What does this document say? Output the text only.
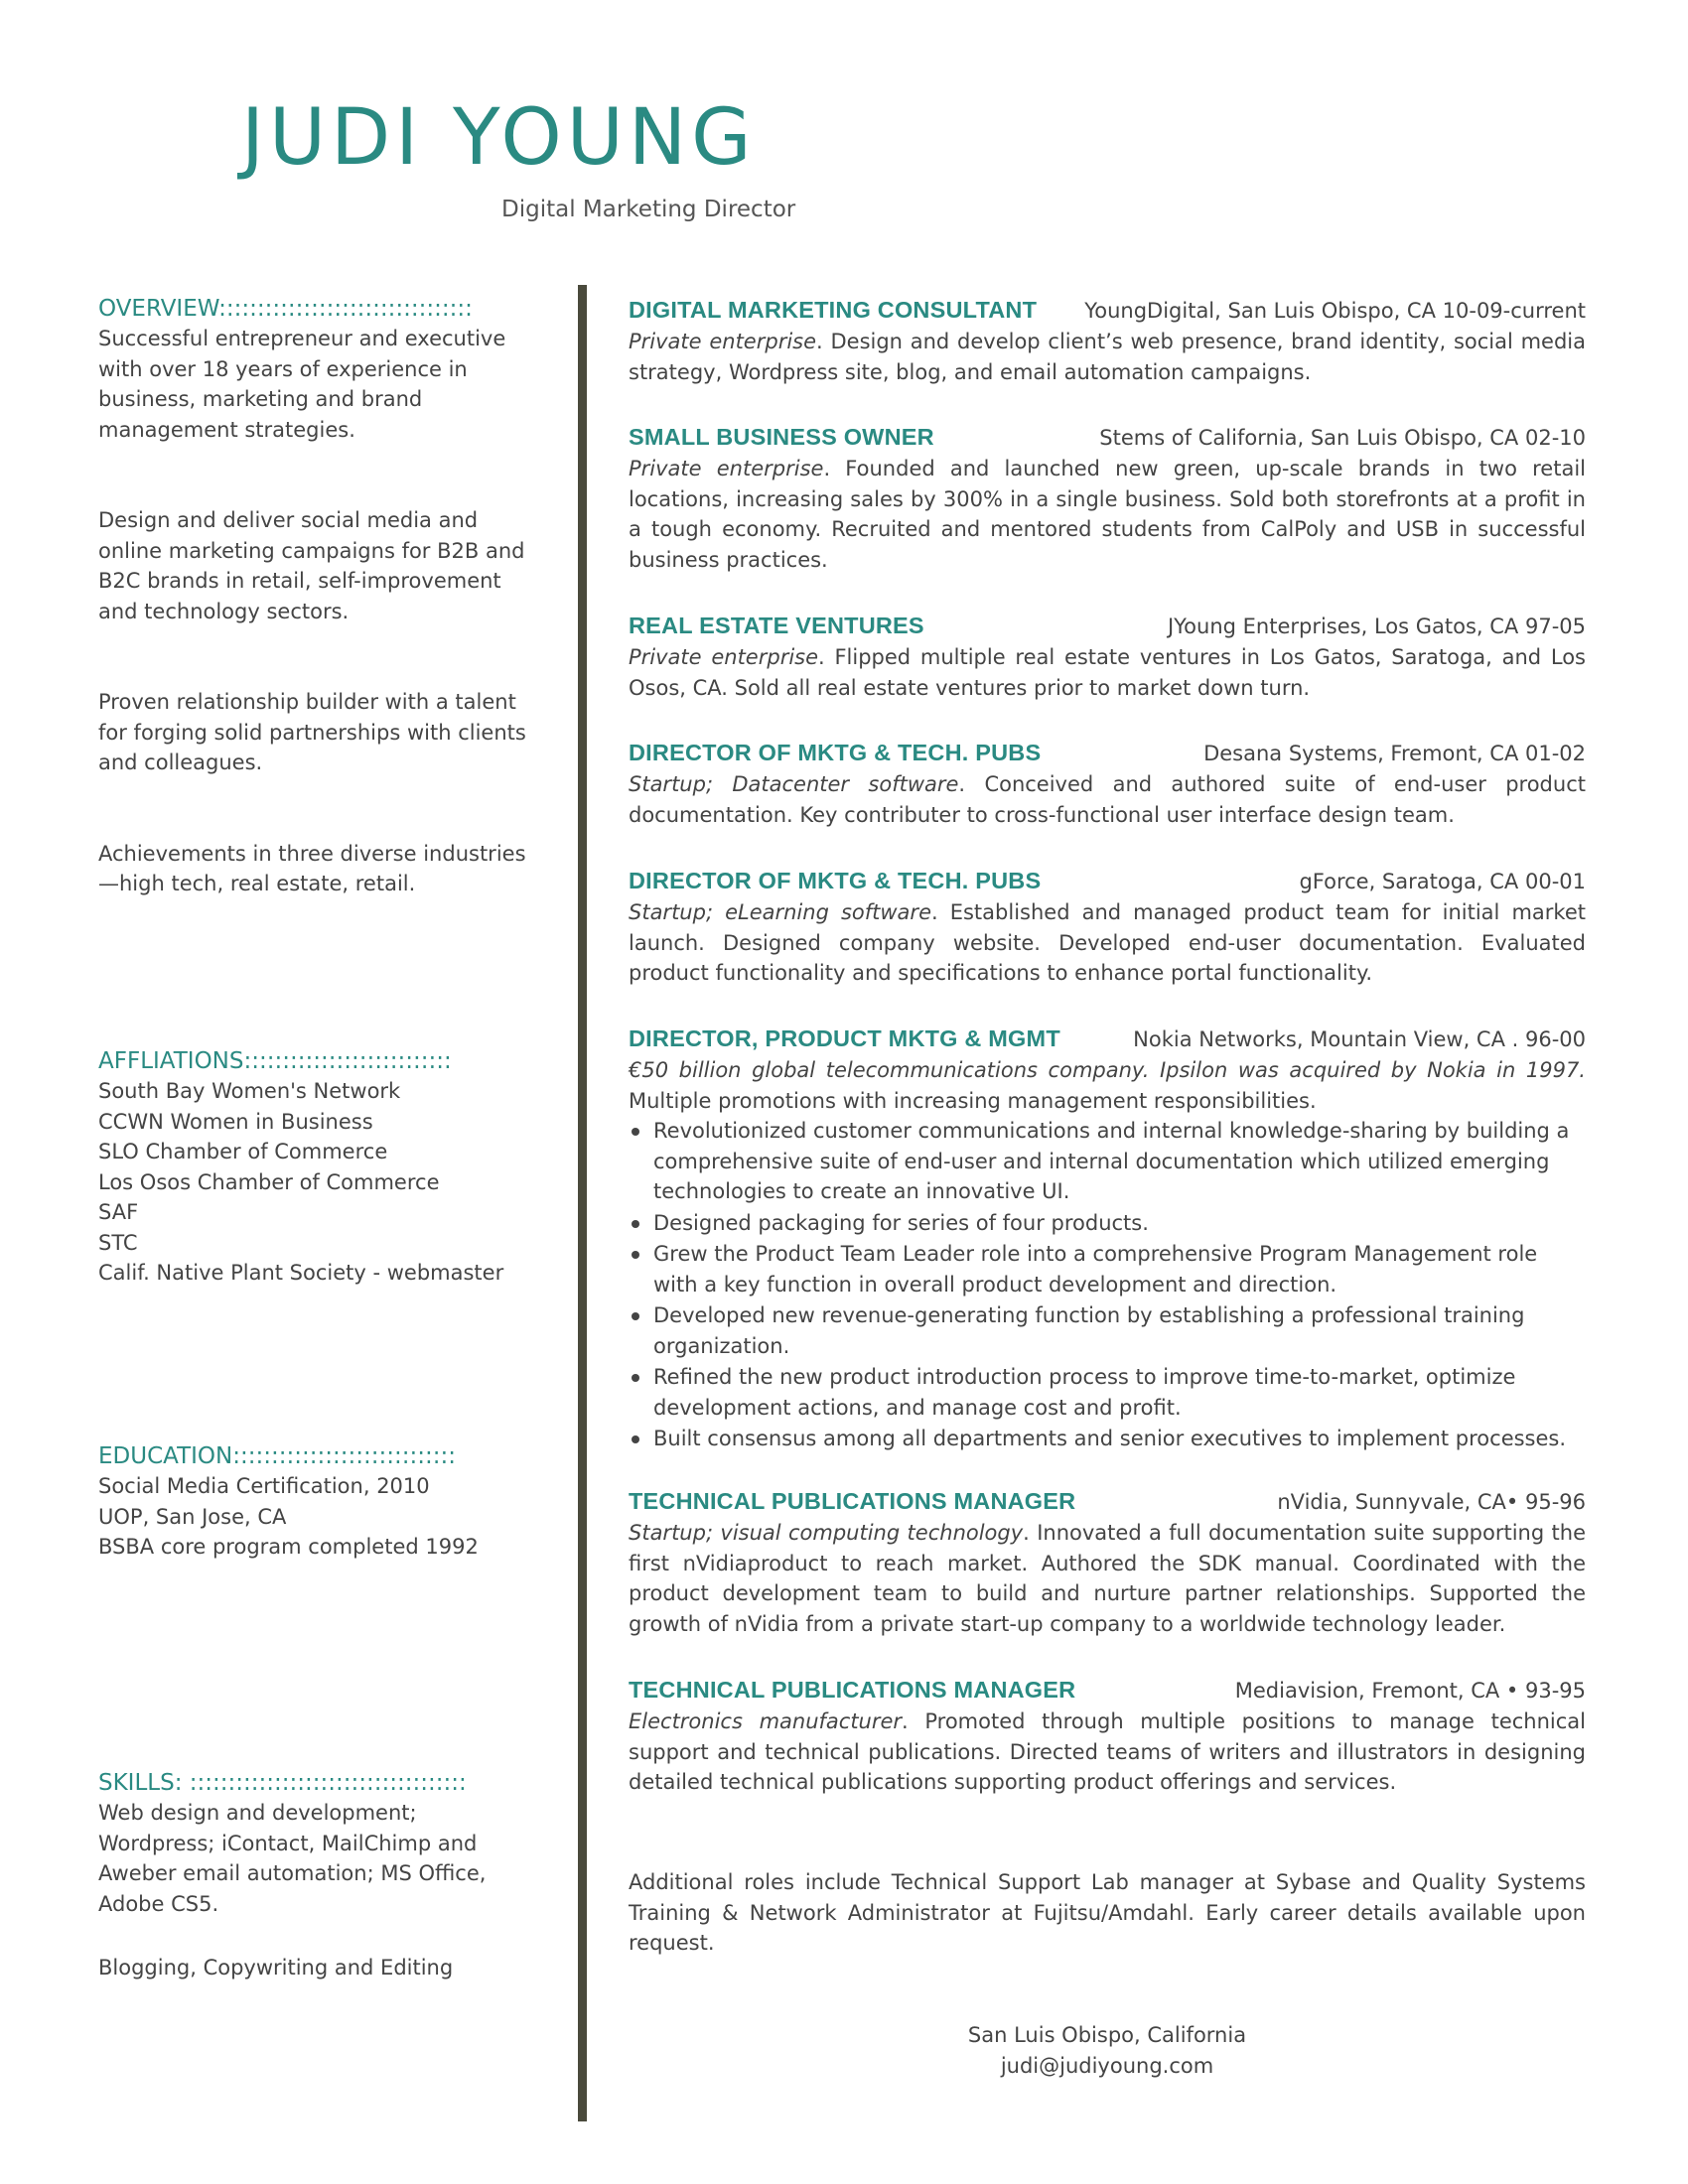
JUDI YOUNG
Digital Marketing Director
OVERVIEW:::::::::::::::::::::::::::::::::

Successful entrepreneur and executive with over 18 years of experience in business, marketing and brand management strategies.

Design and deliver social media and online marketing campaigns for B2B and B2C brands in retail, self-improvement and technology sectors.

Proven relationship builder with a talent for forging solid partnerships with clients and colleagues.

Achievements in three diverse industries—high tech, real estate, retail.

AFFLIATIONS:::::::::::::::::::::::::::
South Bay Women's Network
CCWN Women in Business
SLO Chamber of Commerce
Los Osos Chamber of Commerce
SAF
STC
Calif. Native Plant Society - webmaster
EDUCATION:::::::::::::::::::::::::::::
Social Media Certification, 2010
UOP, San Jose, CA
BSBA core program completed 1992
SKILLS: ::::::::::::::::::::::::::::::::::::

Web design and development; Wordpress; iContact, MailChimp and Aweber email automation; MS Office, Adobe CS5.

Blogging, Copywriting and Editing

DIGITAL MARKETING CONSULTANT YoungDigital, San Luis Obispo, CA 10-09-current

Private enterprise. Design and develop client’s web presence, brand identity, social media strategy, Wordpress site, blog, and email automation campaigns.

SMALL BUSINESS OWNER	Stems of California, San Luis Obispo, CA 02-10

Private enterprise. Founded and launched new green, up-scale brands in two retail locations, increasing sales by 300% in a single business. Sold both storefronts at a profit in a tough economy. Recruited and mentored students from CalPoly and USB in successful business practices.

REAL ESTATE VENTURES	JYoung Enterprises, Los Gatos, CA 97-05

Private enterprise. Flipped multiple real estate ventures in Los Gatos, Saratoga, and Los Osos, CA. Sold all real estate ventures prior to market down turn.

DIRECTOR OF MKTG & TECH. PUBS	Desana Systems, Fremont, CA 01-02

Startup; Datacenter software. Conceived and authored suite of end-user product documentation. Key contributer to cross-functional user interface design team.

DIRECTOR OF MKTG & TECH. PUBS	gForce, Saratoga, CA 00-01

Startup; eLearning software. Established and managed product team for initial market launch. Designed company website. Developed end-user documentation. Evaluated product functionality and specifications to enhance portal functionality.

DIRECTOR, PRODUCT MKTG & MGMT	Nokia Networks, Mountain View, CA . 96-00

€50 billion global telecommunications company. Ipsilon was acquired by Nokia in 1997. Multiple promotions with increasing management responsibilities.

Revolutionized customer communications and internal knowledge-sharing by building a comprehensive suite of end-user and internal documentation which utilized emerging technologies to create an innovative UI.
Designed packaging for series of four products.
Grew the Product Team Leader role into a comprehensive Program Management role with a key function in overall product development and direction.
Developed new revenue-generating function by establishing a professional training organization.
Refined the new product introduction process to improve time-to-market, optimize development actions, and manage cost and profit.
Built consensus among all departments and senior executives to implement processes.
TECHNICAL PUBLICATIONS MANAGER	nVidia, Sunnyvale, CA• 95-96

Startup; visual computing technology. Innovated a full documentation suite supporting the first nVidiaproduct to reach market. Authored the SDK manual. Coordinated with the product development team to build and nurture partner relationships. Supported the growth of nVidia from a private start-up company to a worldwide technology leader.

TECHNICAL PUBLICATIONS MANAGER	Mediavision, Fremont, CA • 93-95

Electronics manufacturer. Promoted through multiple positions to manage technical support and technical publications. Directed teams of writers and illustrators in designing detailed technical publications supporting product offerings and services.

Additional roles include Technical Support Lab manager at Sybase and Quality Systems Training & Network Administrator at Fujitsu/Amdahl. Early career details available upon request.

San Luis Obispo, California
judi@judiyoung.com
